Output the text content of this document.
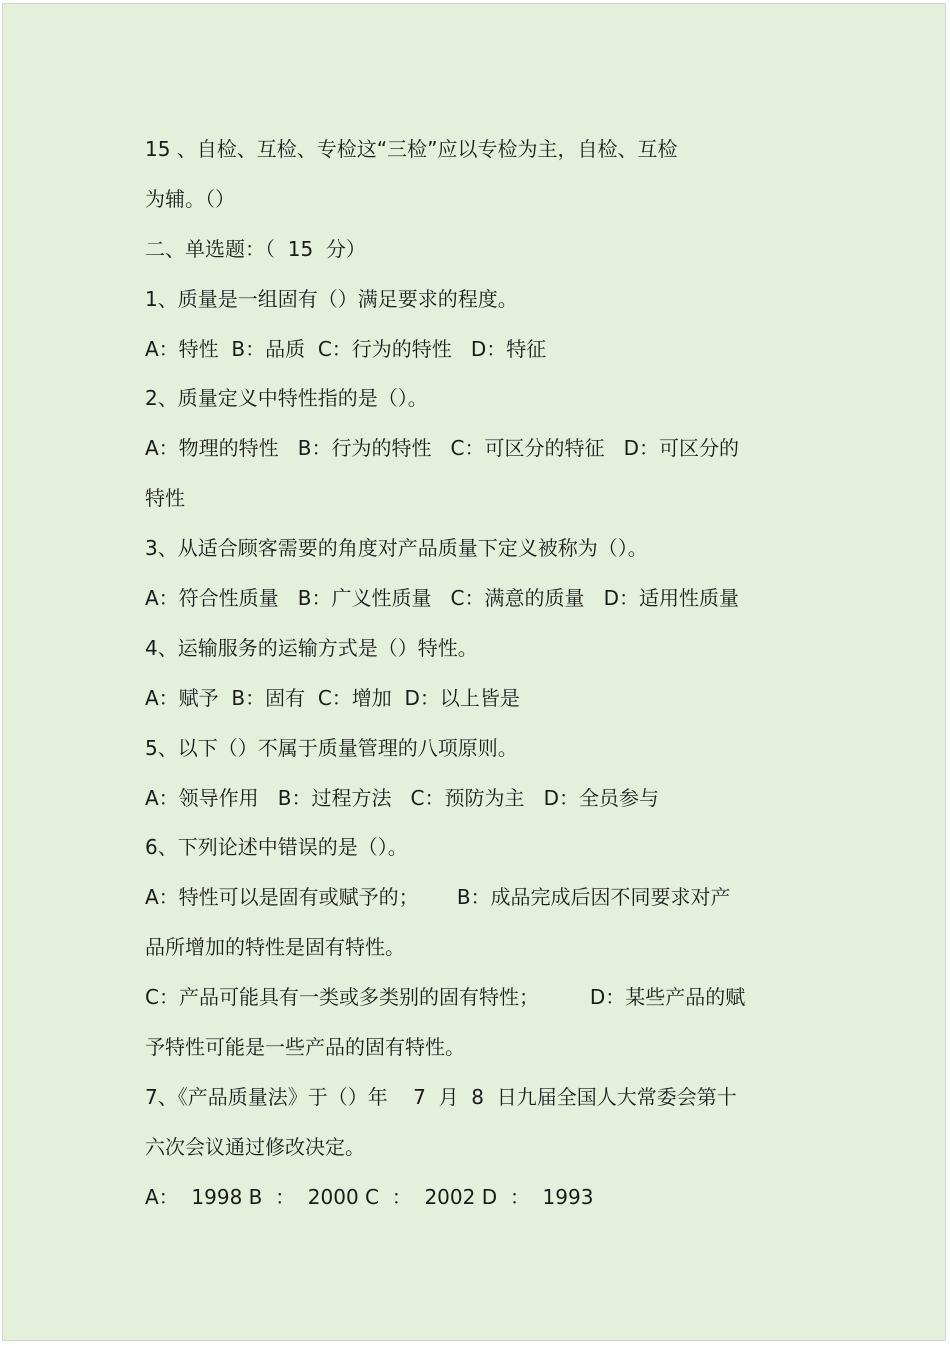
15 、自检、互检、专检这“三检”应以专检为主，自检、互检
为辅。（）
二、单选题：（  15  分）
1、质量是一组固有（）满足要求的程度。
A：特性  B：品质  C：行为的特性   D：特征
2、质量定义中特性指的是（）。
A：物理的特性   B：行为的特性   C：可区分的特征   D：可区分的
特性
3、从适合顾客需要的角度对产品质量下定义被称为（）。
A：符合性质量   B：广义性质量   C：满意的质量   D：适用性质量
4、运输服务的运输方式是（）特性。
A：赋予  B：固有  C：增加  D：以上皆是
5、以下（）不属于质量管理的八项原则。
A：领导作用   B：过程方法   C：预防为主   D：全员参与
6、下列论述中错误的是（）。
A：特性可以是固有或赋予的；      B：成品完成后因不同要求对产
品所增加的特性是固有特性。
C：产品可能具有一类或多类别的固有特性；        D：某些产品的赋
予特性可能是一些产品的固有特性。
7、《产品质量法》于（）年    7  月  8  日九届全国人大常委会第十
六次会议通过修改决定。
A：  1998 B  ：  2000 C  ：  2002 D  ：  1993
